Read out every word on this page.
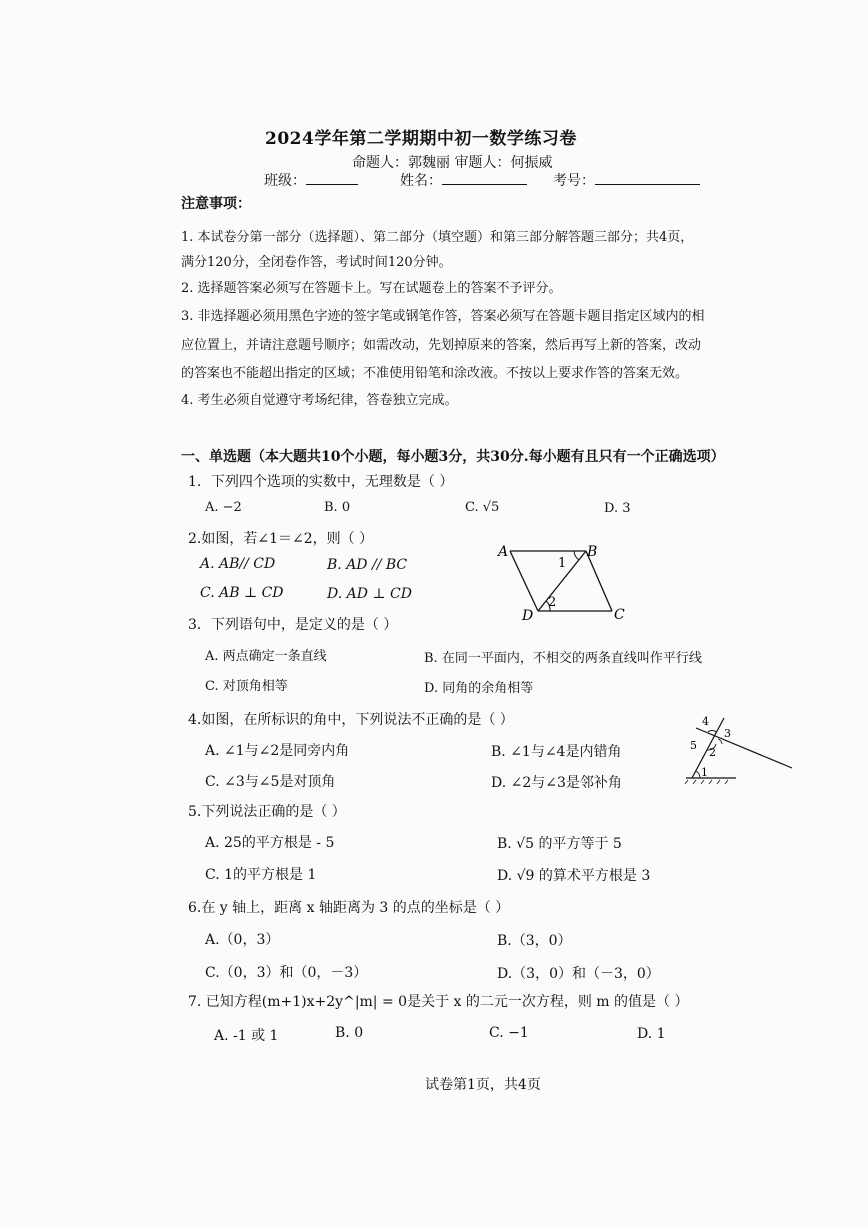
2024学年第二学期期中初一数学练习卷
命题人：郭魏丽 审题人：何振威
班级：	姓名：	考号：
注意事项：
1. 本试卷分第一部分（选择题）、第二部分（填空题）和第三部分解答题三部分；共4页，
满分120分，全闭卷作答，考试时间120分钟。
2. 选择题答案必须写在答题卡上。写在试题卷上的答案不予评分。
3. 非选择题必须用黑色字迹的签字笔或钢笔作答，答案必须写在答题卡题目指定区域内的相
应位置上，并请注意题号顺序；如需改动，先划掉原来的答案，然后再写上新的答案，改动
的答案也不能超出指定的区域；不准使用铅笔和涂改液。不按以上要求作答的答案无效。
4. 考生必须自觉遵守考场纪律，答卷独立完成。
一、单选题（本大题共10个小题，每小题3分，共30分.每小题有且只有一个正确选项）
1．下列四个选项的实数中，无理数是（ ）
A. −2	B. 0	C. √5	D. 3
2.如图，若∠1＝∠2，则（ ）
A. AB// CD	B. AD // BC
C. AB ⊥ CD	D. AD ⊥ CD
A	B
C
D
1
2
3．下列语句中，是定义的是（ ）
A. 两点确定一条直线	B. 在同一平面内，不相交的两条直线叫作平行线
C. 对顶角相等	D. 同角的余角相等
4.如图，在所标识的角中，下列说法不正确的是（ ）
A. ∠1与∠2是同旁内角	B. ∠1与∠4是内错角
C. ∠3与∠5是对顶角	D. ∠2与∠3是邻补角
1
2
3
4
5
5.下列说法正确的是（ ）
A. 25的平方根是 - 5	B. √5 的平方等于 5
C. 1的平方根是 1	D. √9 的算术平方根是 3
6.在 y 轴上，距离 x 轴距离为 3 的点的坐标是（ ）
A.（0，3）	B.（3，0）
C.（0，3）和（0，－3）	D.（3，0）和（－3，0）
7. 已知方程(m+1)x+2y^|m| = 0是关于 x 的二元一次方程，则 m 的值是（ ）
A. -1 或 1	B. 0	C. −1	D. 1
试卷第1页，共4页
